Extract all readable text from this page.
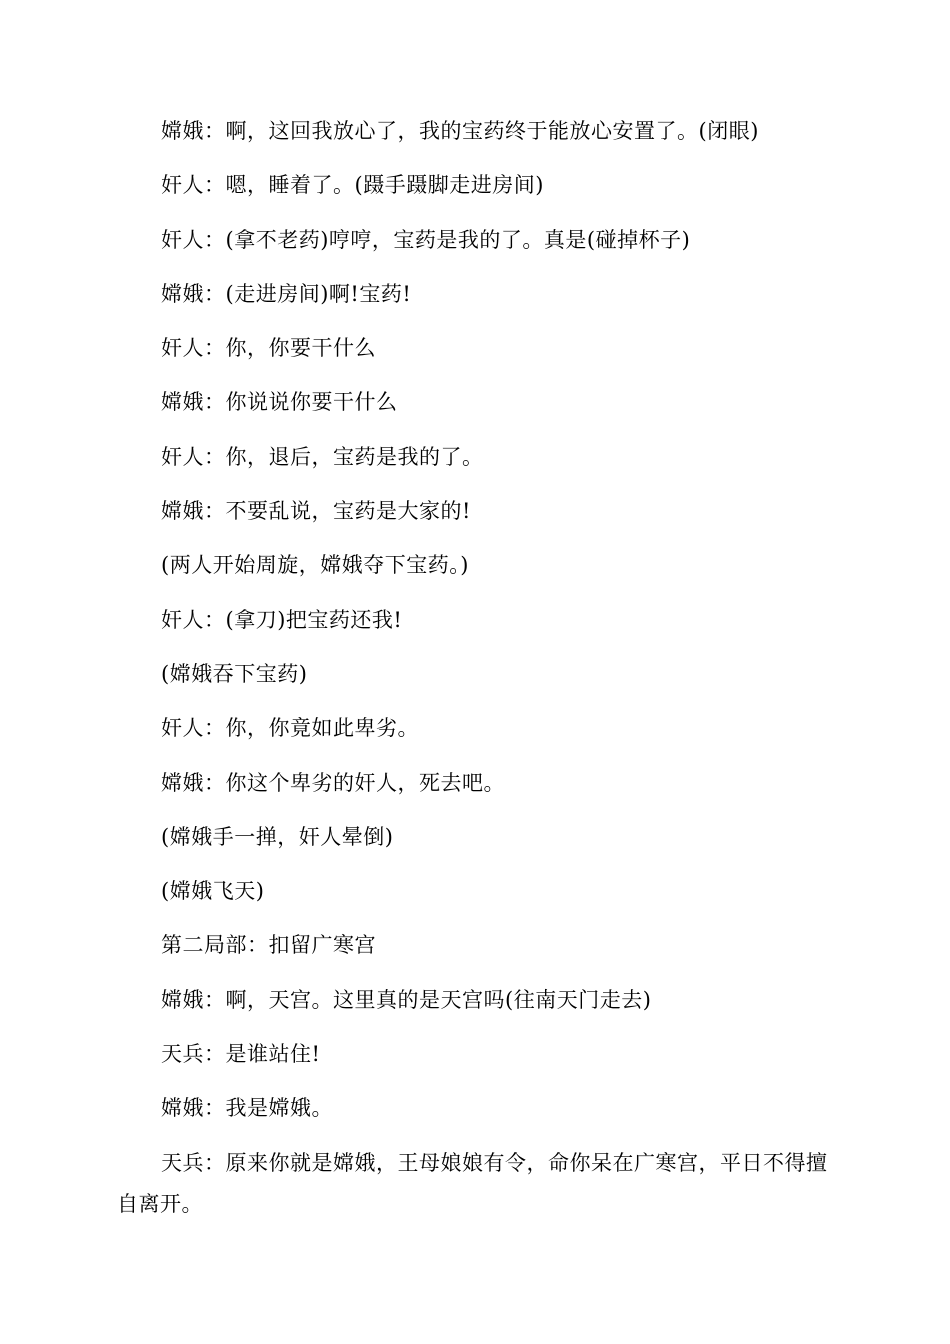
嫦娥：啊，这回我放心了，我的宝药终于能放心安置了。(闭眼)

奸人：嗯，睡着了。(蹑手蹑脚走进房间)

奸人：(拿不老药)哼哼，宝药是我的了。真是(碰掉杯子)

嫦娥：(走进房间)啊!宝药!

奸人：你，你要干什么

嫦娥：你说说你要干什么

奸人：你，退后，宝药是我的了。

嫦娥：不要乱说，宝药是大家的!

(两人开始周旋，嫦娥夺下宝药。)

奸人：(拿刀)把宝药还我!

(嫦娥吞下宝药)

奸人：你，你竟如此卑劣。

嫦娥：你这个卑劣的奸人，死去吧。

(嫦娥手一掸，奸人晕倒)

(嫦娥飞天)

第二局部：扣留广寒宫

嫦娥：啊，天宫。这里真的是天宫吗(往南天门走去)

天兵：是谁站住!

嫦娥：我是嫦娥。

天兵：原来你就是嫦娥，王母娘娘有令，命你呆在广寒宫，平日不得擅自离开。
